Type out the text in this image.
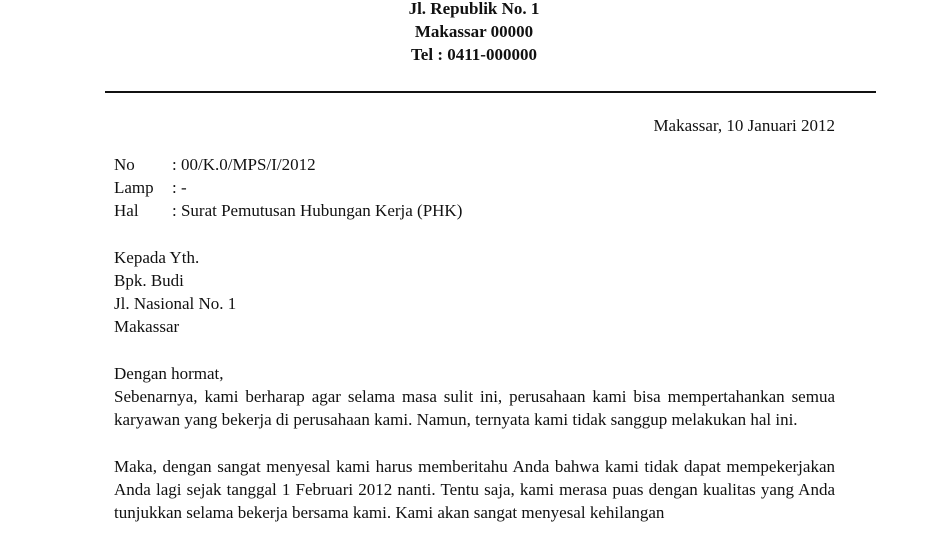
Jl. Republik No. 1
Makassar 00000
Tel : 0411-000000
Makassar, 10 Januari 2012
No : 00/K.0/MPS/I/2012
Lamp : -
Hal : Surat Pemutusan Hubungan Kerja (PHK)
Kepada Yth.
Bpk. Budi
Jl. Nasional No. 1
Makassar
Dengan hormat,
Sebenarnya, kami berharap agar selama masa sulit ini, perusahaan kami bisa mempertahankan semua karyawan yang bekerja di perusahaan kami. Namun, ternyata kami tidak sanggup melakukan hal ini.
Maka, dengan sangat menyesal kami harus memberitahu Anda bahwa kami tidak dapat mempekerjakan Anda lagi sejak tanggal 1 Februari 2012 nanti. Tentu saja, kami merasa puas dengan kualitas yang Anda tunjukkan selama bekerja bersama kami. Kami akan sangat menyesal kehilangan
